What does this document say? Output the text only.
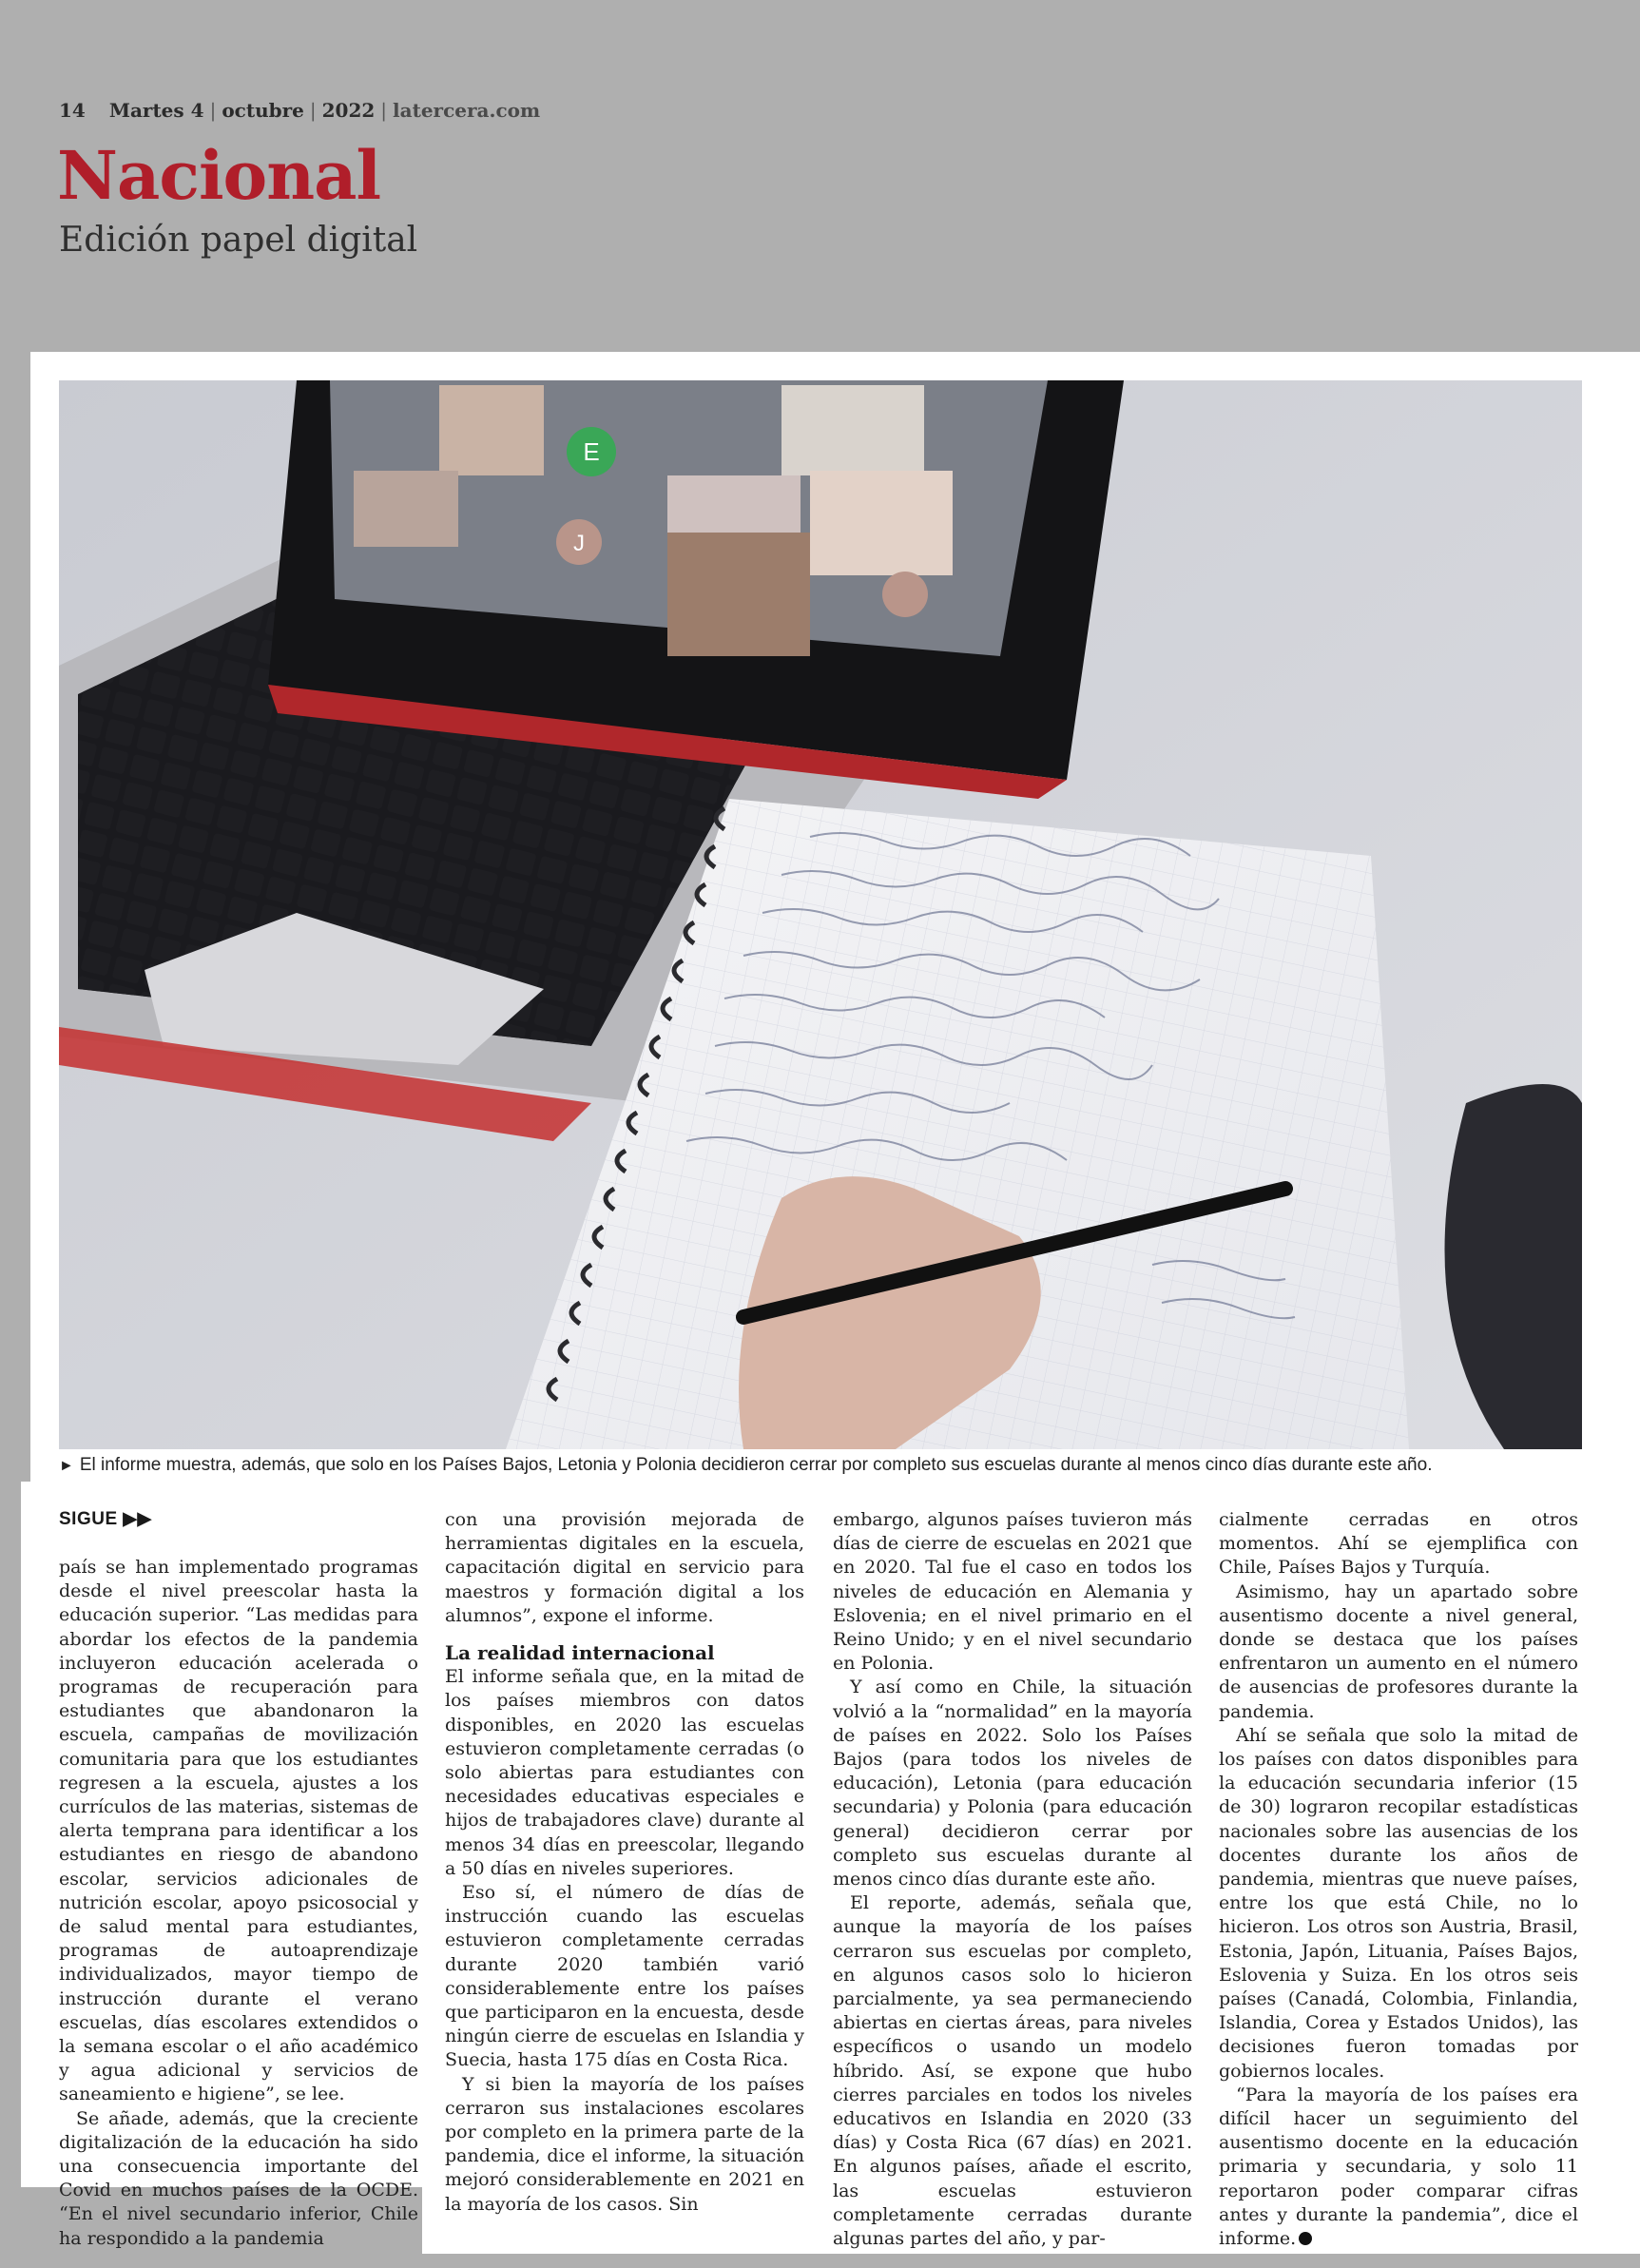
14 Martes 4 | octubre | 2022 | latercera.com
Nacional
Edición papel digital
E
J
► El informe muestra, además, que solo en los Países Bajos, Letonia y Polonia decidieron cerrar por completo sus escuelas durante al menos cinco días durante este año.
SIGUE ▶▶

país se han implementado programas desde el nivel preescolar hasta la educación superior. “Las medidas para abordar los efectos de la pandemia incluyeron educación acelerada o programas de recuperación para estudiantes que abandonaron la escuela, campañas de movilización comunitaria para que los estudiantes regresen a la escuela, ajustes a los currículos de las materias, sistemas de alerta temprana para identificar a los estudiantes en riesgo de abandono escolar, servicios adicionales de nutrición escolar, apoyo psicosocial y de salud mental para estudiantes, programas de autoaprendizaje individualizados, mayor tiempo de instrucción durante el verano escuelas, días escolares extendidos o la semana escolar o el año académico y agua adicional y servicios de saneamiento e higiene”, se lee.

Se añade, además, que la creciente digitalización de la educación ha sido una consecuencia importante del Covid en muchos países de la OCDE. “En el nivel secundario inferior, Chile ha respondido a la pandemia

con una provisión mejorada de herramientas digitales en la escuela, capacitación digital en servicio para maestros y formación digital a los alumnos”, expone el informe.

La realidad internacional

El informe señala que, en la mitad de los países miembros con datos disponibles, en 2020 las escuelas estuvieron completamente cerradas (o solo abiertas para estudiantes con necesidades educativas especiales e hijos de trabajadores clave) durante al menos 34 días en preescolar, llegando a 50 días en niveles superiores.

Eso sí, el número de días de instrucción cuando las escuelas estuvieron completamente cerradas durante 2020 también varió considerablemente entre los países que participaron en la encuesta, desde ningún cierre de escuelas en Islandia y Suecia, hasta 175 días en Costa Rica.

Y si bien la mayoría de los países cerraron sus instalaciones escolares por completo en la primera parte de la pandemia, dice el informe, la situación mejoró considerablemente en 2021 en la mayoría de los casos. Sin

embargo, algunos países tuvieron más días de cierre de escuelas en 2021 que en 2020. Tal fue el caso en todos los niveles de educación en Alemania y Eslovenia; en el nivel primario en el Reino Unido; y en el nivel secundario en Polonia.

Y así como en Chile, la situación volvió a la “normalidad” en la mayoría de países en 2022. Solo los Países Bajos (para todos los niveles de educación), Letonia (para educación secundaria) y Polonia (para educación general) decidieron cerrar por completo sus escuelas durante al menos cinco días durante este año.

El reporte, además, señala que, aunque la mayoría de los países cerraron sus escuelas por completo, en algunos casos solo lo hicieron parcialmente, ya sea permaneciendo abiertas en ciertas áreas, para niveles específicos o usando un modelo híbrido. Así, se expone que hubo cierres parciales en todos los niveles educativos en Islandia en 2020 (33 días) y Costa Rica (67 días) en 2021. En algunos países, añade el escrito, las escuelas estuvieron completamente cerradas durante algunas partes del año, y par-

cialmente cerradas en otros momentos. Ahí se ejemplifica con Chile, Países Bajos y Turquía.

Asimismo, hay un apartado sobre ausentismo docente a nivel general, donde se destaca que los países enfrentaron un aumento en el número de ausencias de profesores durante la pandemia.

Ahí se señala que solo la mitad de los países con datos disponibles para la educación secundaria inferior (15 de 30) lograron recopilar estadísticas nacionales sobre las ausencias de los docentes durante los años de pandemia, mientras que nueve países, entre los que está Chile, no lo hicieron. Los otros son Austria, Brasil, Estonia, Japón, Lituania, Países Bajos, Eslovenia y Suiza. En los otros seis países (Canadá, Colombia, Finlandia, Islandia, Corea y Estados Unidos), las decisiones fueron tomadas por gobiernos locales.

“Para la mayoría de los países era difícil hacer un seguimiento del ausentismo docente en la educación primaria y secundaria, y solo 11 reportaron poder comparar cifras antes y durante la pandemia”, dice el informe.
